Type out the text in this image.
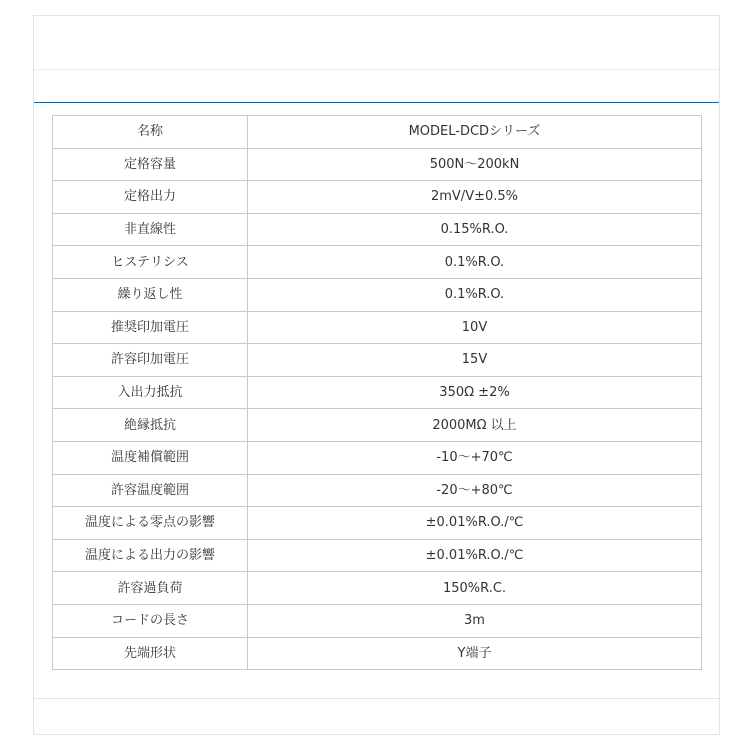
名称	MODEL-DCDシリーズ
定格容量	500N～200kN
定格出力	2mV/V±0.5%
非直線性	0.15%R.O.
ヒステリシス	0.1%R.O.
繰り返し性	0.1%R.O.
推奨印加電圧	10V
許容印加電圧	15V
入出力抵抗	350Ω ±2%
絶縁抵抗	2000MΩ 以上
温度補償範囲	-10～+70℃
許容温度範囲	-20～+80℃
温度による零点の影響	±0.01%R.O./℃
温度による出力の影響	±0.01%R.O./℃
許容過負荷	150%R.C.
コードの長さ	3m
先端形状	Y端子
